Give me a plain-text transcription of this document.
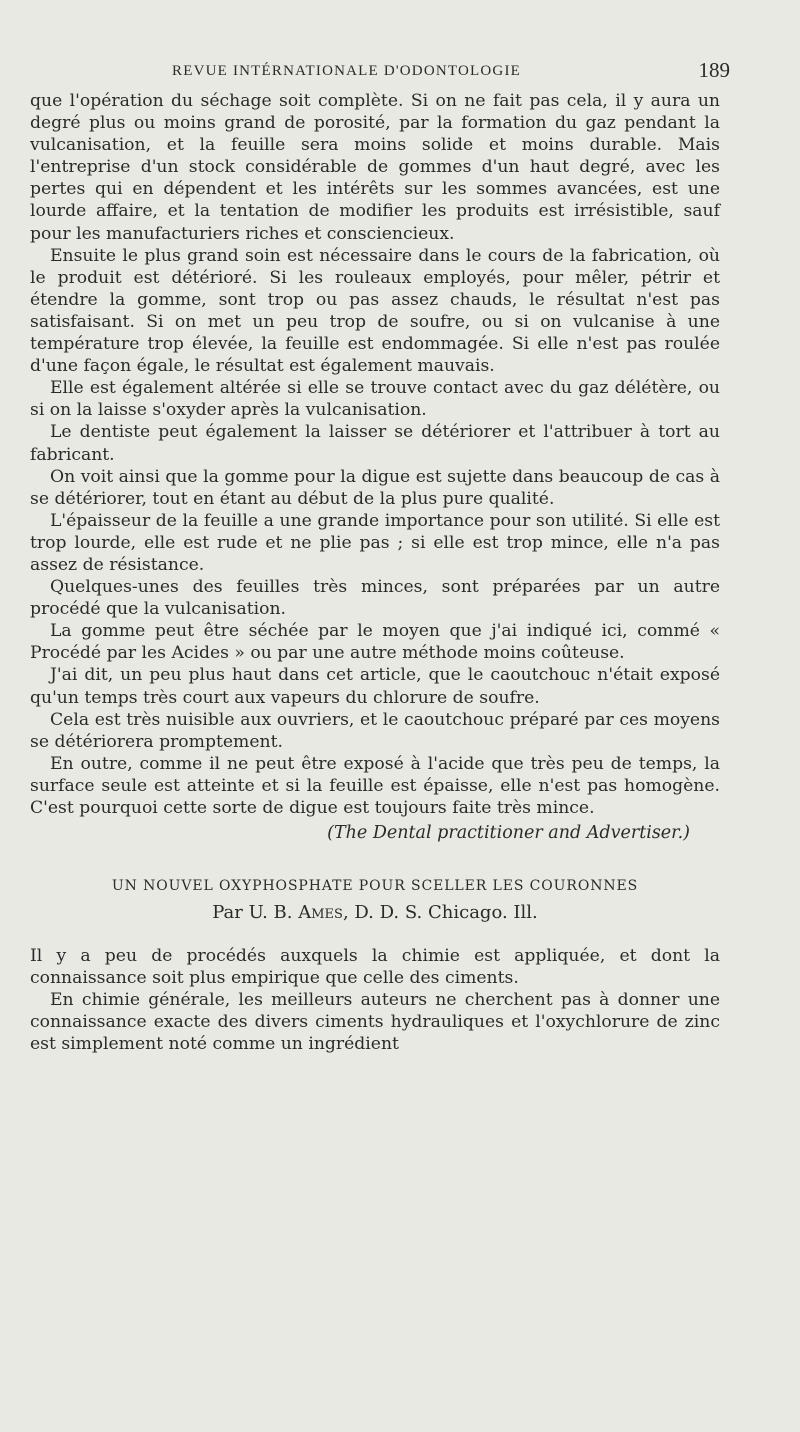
REVUE INTÉRNATIONALE D'ODONTOLOGIE	189

que l'opération du séchage soit complète. Si on ne fait pas cela, il y aura un degré plus ou moins grand de porosité, par la formation du gaz pendant la vulcanisation, et la feuille sera moins solide et moins durable. Mais l'entreprise d'un stock considérable de gommes d'un haut degré, avec les pertes qui en dépendent et les intérêts sur les sommes avancées, est une lourde affaire, et la tentation de modifier les produits est irrésistible, sauf pour les manufacturiers riches et consciencieux.

Ensuite le plus grand soin est nécessaire dans le cours de la fabrication, où le produit est détérioré. Si les rouleaux employés, pour mêler, pétrir et étendre la gomme, sont trop ou pas assez chauds, le résultat n'est pas satisfaisant. Si on met un peu trop de soufre, ou si on vulcanise à une température trop élevée, la feuille est endommagée. Si elle n'est pas roulée d'une façon égale, le résultat est également mauvais.

Elle est également altérée si elle se trouve contact avec du gaz délétère, ou si on la laisse s'oxyder après la vulcanisation.

Le dentiste peut également la laisser se détériorer et l'attribuer à tort au fabricant.

On voit ainsi que la gomme pour la digue est sujette dans beaucoup de cas à se détériorer, tout en étant au début de la plus pure qualité.

L'épaisseur de la feuille a une grande importance pour son utilité. Si elle est trop lourde, elle est rude et ne plie pas ; si elle est trop mince, elle n'a pas assez de résistance.

Quelques-unes des feuilles très minces, sont préparées par un autre procédé que la vulcanisation.

La gomme peut être séchée par le moyen que j'ai indiqué ici, commé « Procédé par les Acides » ou par une autre méthode moins coûteuse.

J'ai dit, un peu plus haut dans cet article, que le caoutchouc n'était exposé qu'un temps très court aux vapeurs du chlorure de soufre.

Cela est très nuisible aux ouvriers, et le caoutchouc préparé par ces moyens se détériorera promptement.

En outre, comme il ne peut être exposé à l'acide que très peu de temps, la surface seule est atteinte et si la feuille est épaisse, elle n'est pas homogène. C'est pourquoi cette sorte de digue est toujours faite très mince.

(The Dental practitioner and Advertiser.)
UN NOUVEL OXYPHOSPHATE POUR SCELLER LES COURONNES
Par U. B. Ames, D. D. S. Chicago. Ill.

Il y a peu de procédés auxquels la chimie est appliquée, et dont la connaissance soit plus empirique que celle des ciments.

En chimie générale, les meilleurs auteurs ne cherchent pas à donner une connaissance exacte des divers ciments hydrauliques et l'oxychlorure de zinc est simplement noté comme un ingrédient
